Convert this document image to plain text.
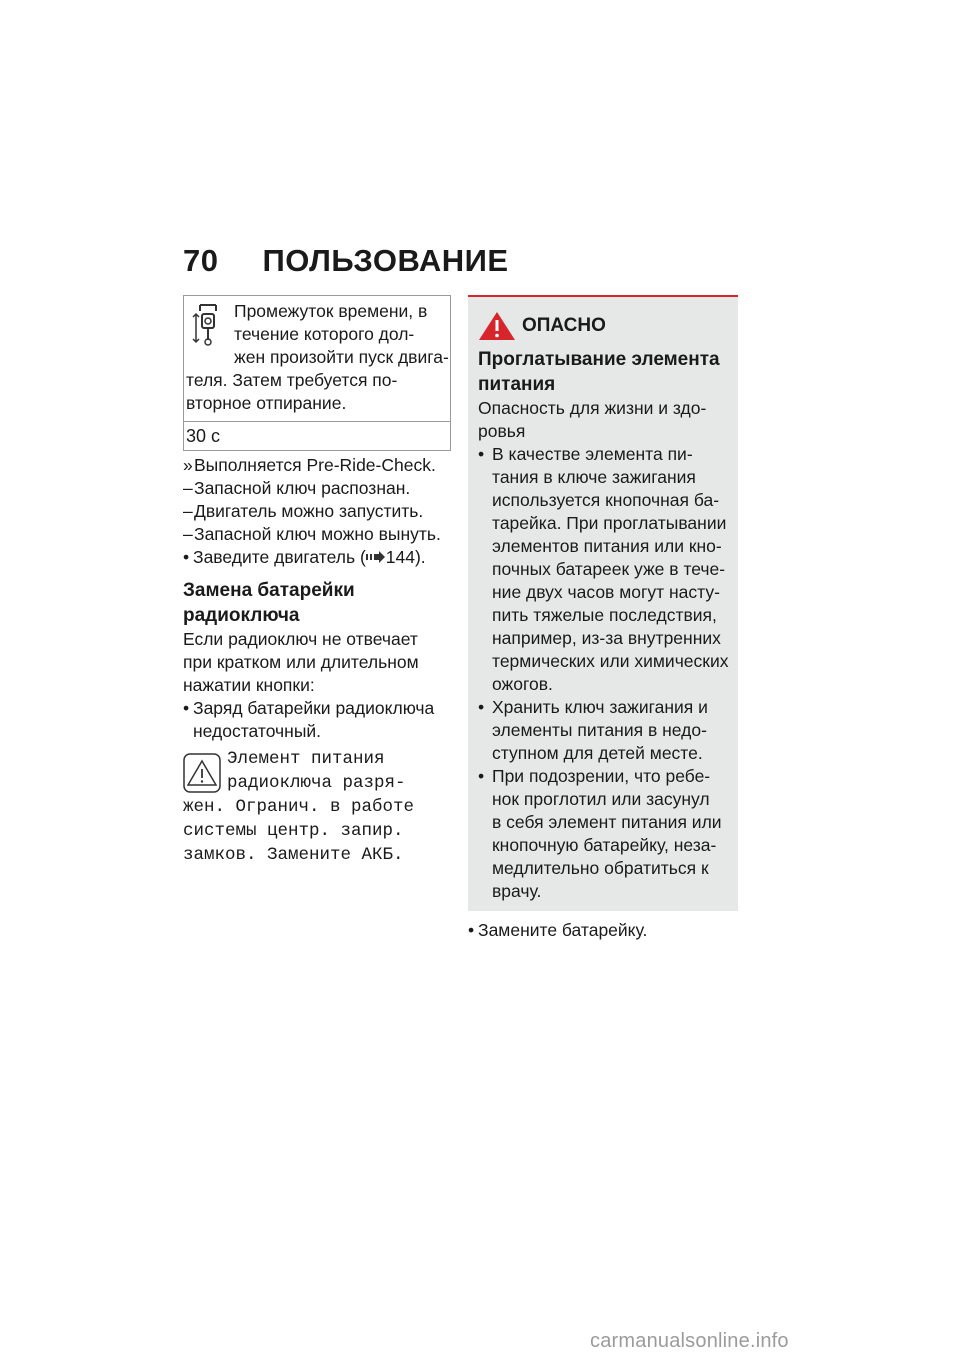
70 ПОЛЬЗОВАНИЕ
Промежуток времени, в
течение которого дол-
жен произойти пуск двига-
теля. Затем требуется по-
вторное отпирание.
30 с
»Выполняется Pre-Ride-Check.
–Запасной ключ распознан.
–Двигатель можно запустить.
–Запасной ключ можно вынуть.
• Заведите двигатель ( 144).
Замена батарейки
радиоключа
Если радиоключ не отвечает
при кратком или длительном
нажатии кнопки:
• Заряд батарейки радиоключа
недостаточный.
Элемент питания
радиоключа разря-
жен. Огранич. в работе
системы центр. запир.
замков. Замените АКБ.
ОПАСНО
Проглатывание элемента
питания
Опасность для жизни и здо-
ровья
• В качестве элемента пи-
тания в ключе зажигания
используется кнопочная ба-
тарейка. При проглатывании
элементов питания или кно-
почных батареек уже в тече-
ние двух часов могут насту-
пить тяжелые последствия,
например, из-за внутренних
термических или химических
ожогов.
• Хранить ключ зажигания и
элементы питания в недо-
ступном для детей месте.
• При подозрении, что ребе-
нок проглотил или засунул
в себя элемент питания или
кнопочную батарейку, неза-
медлительно обратиться к
врачу.
• Замените батарейку.
carmanualsonline.info
